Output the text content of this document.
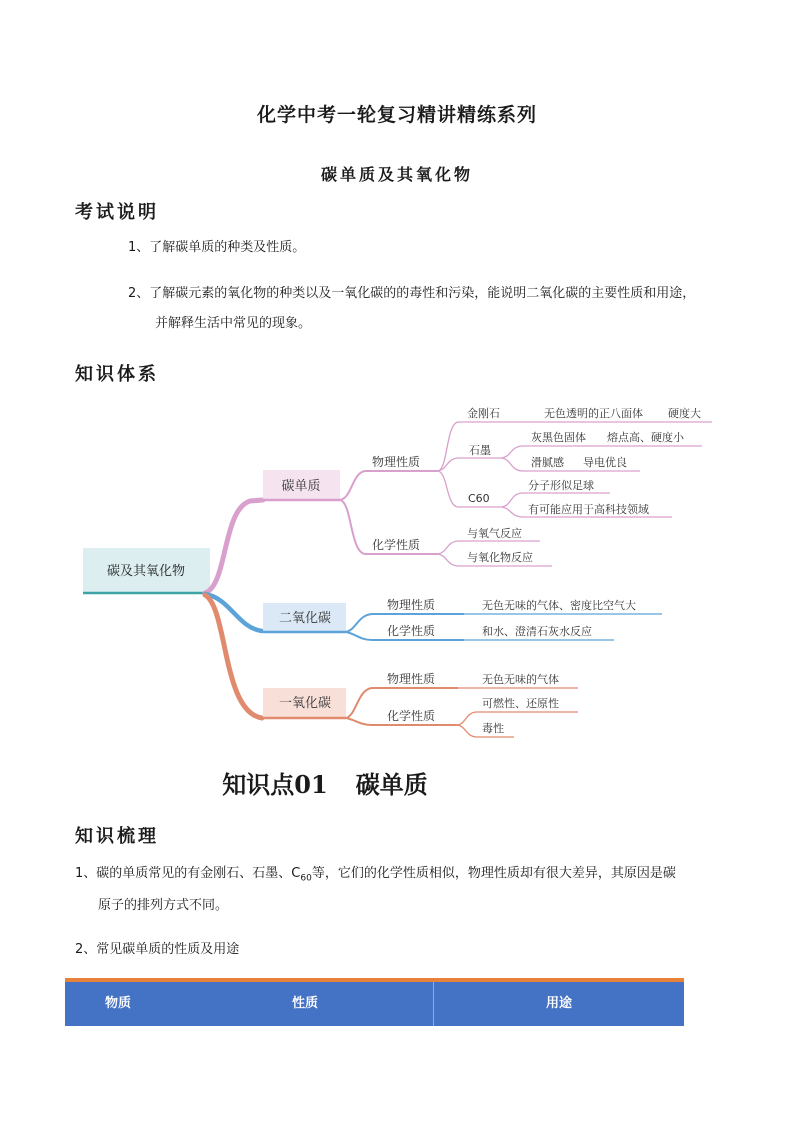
化学中考一轮复习精讲精练系列
碳单质及其氧化物
考试说明
1、了解碳单质的种类及性质。
2、了解碳元素的氧化物的种类以及一氧化碳的的毒性和污染，能说明二氧化碳的主要性质和用途，
并解释生活中常见的现象。
知识体系
碳及其氧化物
碳单质
二氧化碳
一氧化碳
物理性质
化学性质
金刚石	无色透明的正八面体 硬度大
石墨
灰黑色固体 熔点高、硬度小
滑腻感 导电优良
C60
分子形似足球
有可能应用于高科技领域
与氧气反应
与氧化物反应
物理性质	无色无味的气体、密度比空气大
化学性质	和水、澄清石灰水反应
物理性质	无色无味的气体
化学性质
可燃性、还原性
毒性
知识点01 碳单质
知识梳理
1、碳的单质常见的有金刚石、石墨、$C_{60}$等，它们的化学性质相似，物理性质却有很大差异，其原因是碳
原子的排列方式不同。
2、常见碳单质的性质及用途
物质	性质	用途
